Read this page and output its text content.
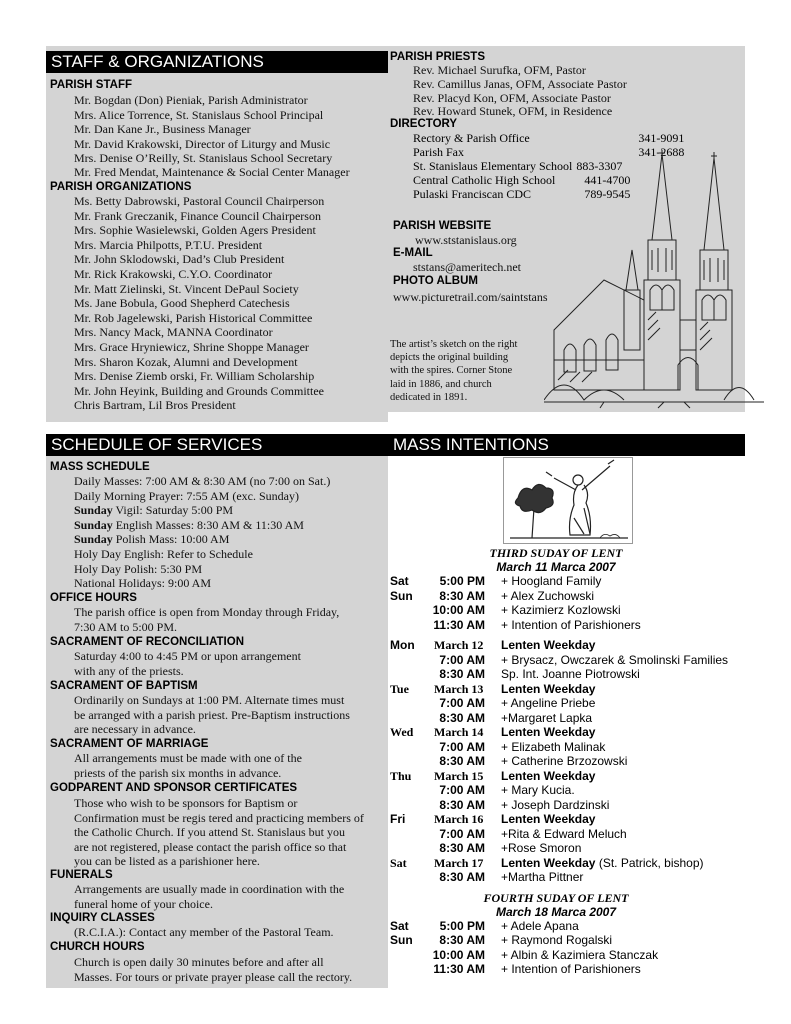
STAFF & ORGANIZATIONS
PARISH STAFF
Mr. Bogdan (Don) Pieniak, Parish Administrator
Mrs. Alice Torrence, St. Stanislaus School Principal
Mr. Dan Kane Jr., Business Manager
Mr. David Krakowski, Director of Liturgy and Music
Mrs. Denise O’Reilly, St. Stanislaus School Secretary
Mr. Fred Mendat, Maintenance & Social Center Manager
PARISH ORGANIZATIONS
Ms. Betty Dabrowski, Pastoral Council Chairperson
Mr. Frank Greczanik, Finance Council Chairperson
Mrs. Sophie Wasielewski, Golden Agers President
Mrs. Marcia Philpotts, P.T.U. President
Mr. John Sklodowski, Dad’s Club President
Mr. Rick Krakowski, C.Y.O. Coordinator
Mr. Matt Zielinski, St. Vincent DePaul Society
Ms. Jane Bobula, Good Shepherd Catechesis
Mr. Rob Jagelewski, Parish Historical Committee
Mrs. Nancy Mack, MANNA Coordinator
Mrs. Grace Hryniewicz, Shrine Shoppe Manager
Mrs. Sharon Kozak, Alumni and Development
Mrs. Denise Ziemb orski, Fr. William Scholarship
Mr. John Heyink, Building and Grounds Committee
Chris Bartram, Lil Bros President
PARISH PRIESTS
Rev. Michael Surufka, OFM, Pastor
Rev. Camillus Janas, OFM, Associate Pastor
Rev. Placyd Kon, OFM, Associate Pastor
Rev. Howard Stunek, OFM, in Residence
DIRECTORY
Rectory & Parish Office	341-9091
Parish Fax	341-2688
St. Stanislaus Elementary School	883-3307
Central Catholic High School	441-4700
Pulaski Franciscan CDC	789-9545
PARISH WEBSITE
www.ststanislaus.org
E-MAIL
ststans@ameritech.net
PHOTO ALBUM
www.picturetrail.com/saintstans
The artist’s sketch on the right
depicts the original building
with the spires. Corner Stone
laid in 1886, and church
dedicated in 1891.
SCHEDULE OF SERVICES
MASS SCHEDULE
Daily Masses: 7:00 AM & 8:30 AM (no 7:00 on Sat.)
Daily Morning Prayer: 7:55 AM (exc. Sunday)
Sunday Vigil: Saturday 5:00 PM
Sunday English Masses: 8:30 AM & 11:30 AM
Sunday Polish Mass: 10:00 AM
Holy Day English: Refer to Schedule
Holy Day Polish: 5:30 PM
National Holidays: 9:00 AM
OFFICE HOURS
The parish office is open from Monday through Friday,
7:30 AM to 5:00 PM.
SACRAMENT OF RECONCILIATION
Saturday 4:00 to 4:45 PM or upon arrangement
with any of the priests.
SACRAMENT OF BAPTISM
Ordinarily on Sundays at 1:00 PM. Alternate times must
be arranged with a parish priest. Pre-Baptism instructions
are necessary in advance.
SACRAMENT OF MARRIAGE
All arrangements must be made with one of the
priests of the parish six months in advance.
GODPARENT AND SPONSOR CERTIFICATES
Those who wish to be sponsors for Baptism or
Confirmation must be regis tered and practicing members of
the Catholic Church. If you attend St. Stanislaus but you
are not registered, please contact the parish office so that
you can be listed as a parishioner here.
FUNERALS
Arrangements are usually made in coordination with the
funeral home of your choice.
INQUIRY CLASSES
(R.C.I.A.): Contact any member of the Pastoral Team.
CHURCH HOURS
Church is open daily 30 minutes before and after all
Masses. For tours or private prayer please call the rectory.
MASS INTENTIONS
THIRD SUDAY OF LENT
March 11 Marca 2007
Sat	5:00 PM + Hoogland Family
Sun	8:30 AM + Alex Zuchowski
10:00 AM + Kazimierz Kozlowski
11:30 AM + Intention of Parishioners
Mon March 12 Lenten Weekday
7:00 AM + Brysacz, Owczarek & Smolinski Families
8:30 AM Sp. Int. Joanne Piotrowski
Tue March 13 Lenten Weekday
7:00 AM + Angeline Priebe
8:30 AM +Margaret Lapka
Wed March 14 Lenten Weekday
7:00 AM + Elizabeth Malinak
8:30 AM + Catherine Brzozowski
Thu March 15 Lenten Weekday
7:00 AM + Mary Kucia.
8:30 AM + Joseph Dardzinski
Fri March 16 Lenten Weekday
7:00 AM +Rita & Edward Meluch
8:30 AM +Rose Smoron
Sat March 17 Lenten Weekday (St. Patrick, bishop)
8:30 AM +Martha Pittner
FOURTH SUDAY OF LENT
March 18 Marca 2007
Sat	5:00 PM + Adele Apana
Sun	8:30 AM + Raymond Rogalski
10:00 AM + Albin & Kazimiera Stanczak
11:30 AM + Intention of Parishioners
